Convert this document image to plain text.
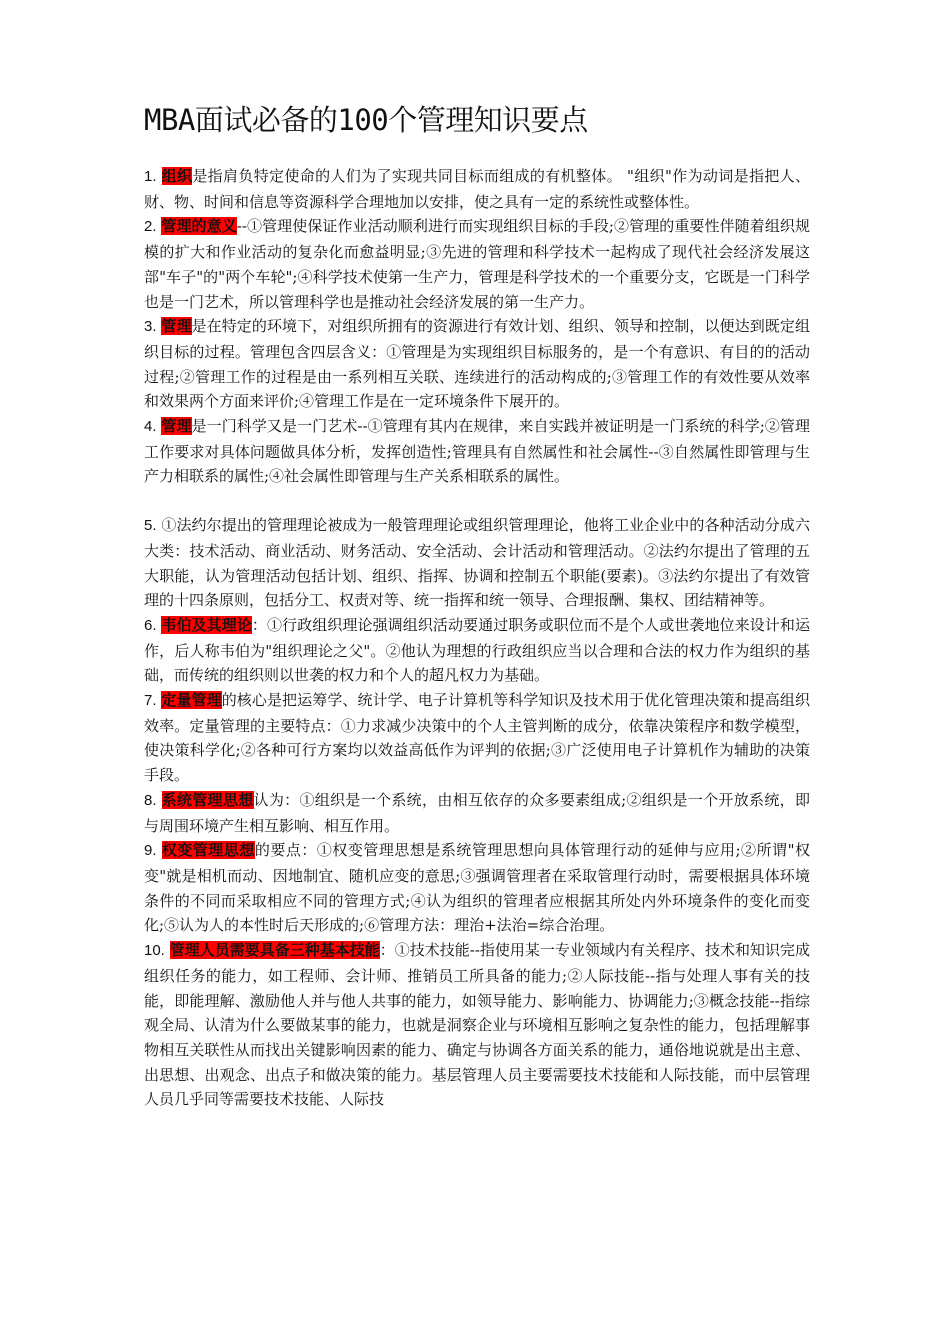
MBA面试必备的100个管理知识要点

1. 组织是指肩负特定使命的人们为了实现共同目标而组成的有机整体。 "组织"作为动词是指把人、财、物、时间和信息等资源科学合理地加以安排，使之具有一定的系统性或整体性。

2. 管理的意义--①管理使保证作业活动顺利进行而实现组织目标的手段;②管理的重要性伴随着组织规模的扩大和作业活动的复杂化而愈益明显;③先进的管理和科学技术一起构成了现代社会经济发展这部"车子"的"两个车轮";④科学技术使第一生产力，管理是科学技术的一个重要分支，它既是一门科学也是一门艺术，所以管理科学也是推动社会经济发展的第一生产力。

3. 管理是在特定的环境下，对组织所拥有的资源进行有效计划、组织、领导和控制，以便达到既定组织目标的过程。管理包含四层含义：①管理是为实现组织目标服务的，是一个有意识、有目的的活动过程;②管理工作的过程是由一系列相互关联、连续进行的活动构成的;③管理工作的有效性要从效率和效果两个方面来评价;④管理工作是在一定环境条件下展开的。

4. 管理是一门科学又是一门艺术--①管理有其内在规律，来自实践并被证明是一门系统的科学;②管理工作要求对具体问题做具体分析，发挥创造性;管理具有自然属性和社会属性--③自然属性即管理与生产力相联系的属性;④社会属性即管理与生产关系相联系的属性。

5. ①法约尔提出的管理理论被成为一般管理理论或组织管理理论，他将工业企业中的各种活动分成六大类：技术活动、商业活动、财务活动、安全活动、会计活动和管理活动。②法约尔提出了管理的五大职能，认为管理活动包括计划、组织、指挥、协调和控制五个职能(要素)。③法约尔提出了有效管理的十四条原则，包括分工、权责对等、统一指挥和统一领导、合理报酬、集权、团结精神等。

6. 韦伯及其理论：①行政组织理论强调组织活动要通过职务或职位而不是个人或世袭地位来设计和运作，后人称韦伯为"组织理论之父"。②他认为理想的行政组织应当以合理和合法的权力作为组织的基础，而传统的组织则以世袭的权力和个人的超凡权力为基础。

7. 定量管理的核心是把运筹学、统计学、电子计算机等科学知识及技术用于优化管理决策和提高组织效率。定量管理的主要特点：①力求减少决策中的个人主管判断的成分，依靠决策程序和数学模型，使决策科学化;②各种可行方案均以效益高低作为评判的依据;③广泛使用电子计算机作为辅助的决策手段。

8. 系统管理思想认为：①组织是一个系统，由相互依存的众多要素组成;②组织是一个开放系统，即与周围环境产生相互影响、相互作用。

9. 权变管理思想的要点：①权变管理思想是系统管理思想向具体管理行动的延伸与应用;②所谓"权变"就是相机而动、因地制宜、随机应变的意思;③强调管理者在采取管理行动时，需要根据具体环境条件的不同而采取相应不同的管理方式;④认为组织的管理者应根据其所处内外环境条件的变化而变化;⑤认为人的本性时后天形成的;⑥管理方法：理治+法治=综合治理。

10. 管理人员需要具备三种基本技能：①技术技能--指使用某一专业领域内有关程序、技术和知识完成组织任务的能力，如工程师、会计师、推销员工所具备的能力;②人际技能--指与处理人事有关的技能，即能理解、激励他人并与他人共事的能力，如领导能力、影响能力、协调能力;③概念技能--指综观全局、认清为什么要做某事的能力，也就是洞察企业与环境相互影响之复杂性的能力，包括理解事物相互关联性从而找出关键影响因素的能力、确定与协调各方面关系的能力，通俗地说就是出主意、出思想、出观念、出点子和做决策的能力。基层管理人员主要需要技术技能和人际技能，而中层管理人员几乎同等需要技术技能、人际技
